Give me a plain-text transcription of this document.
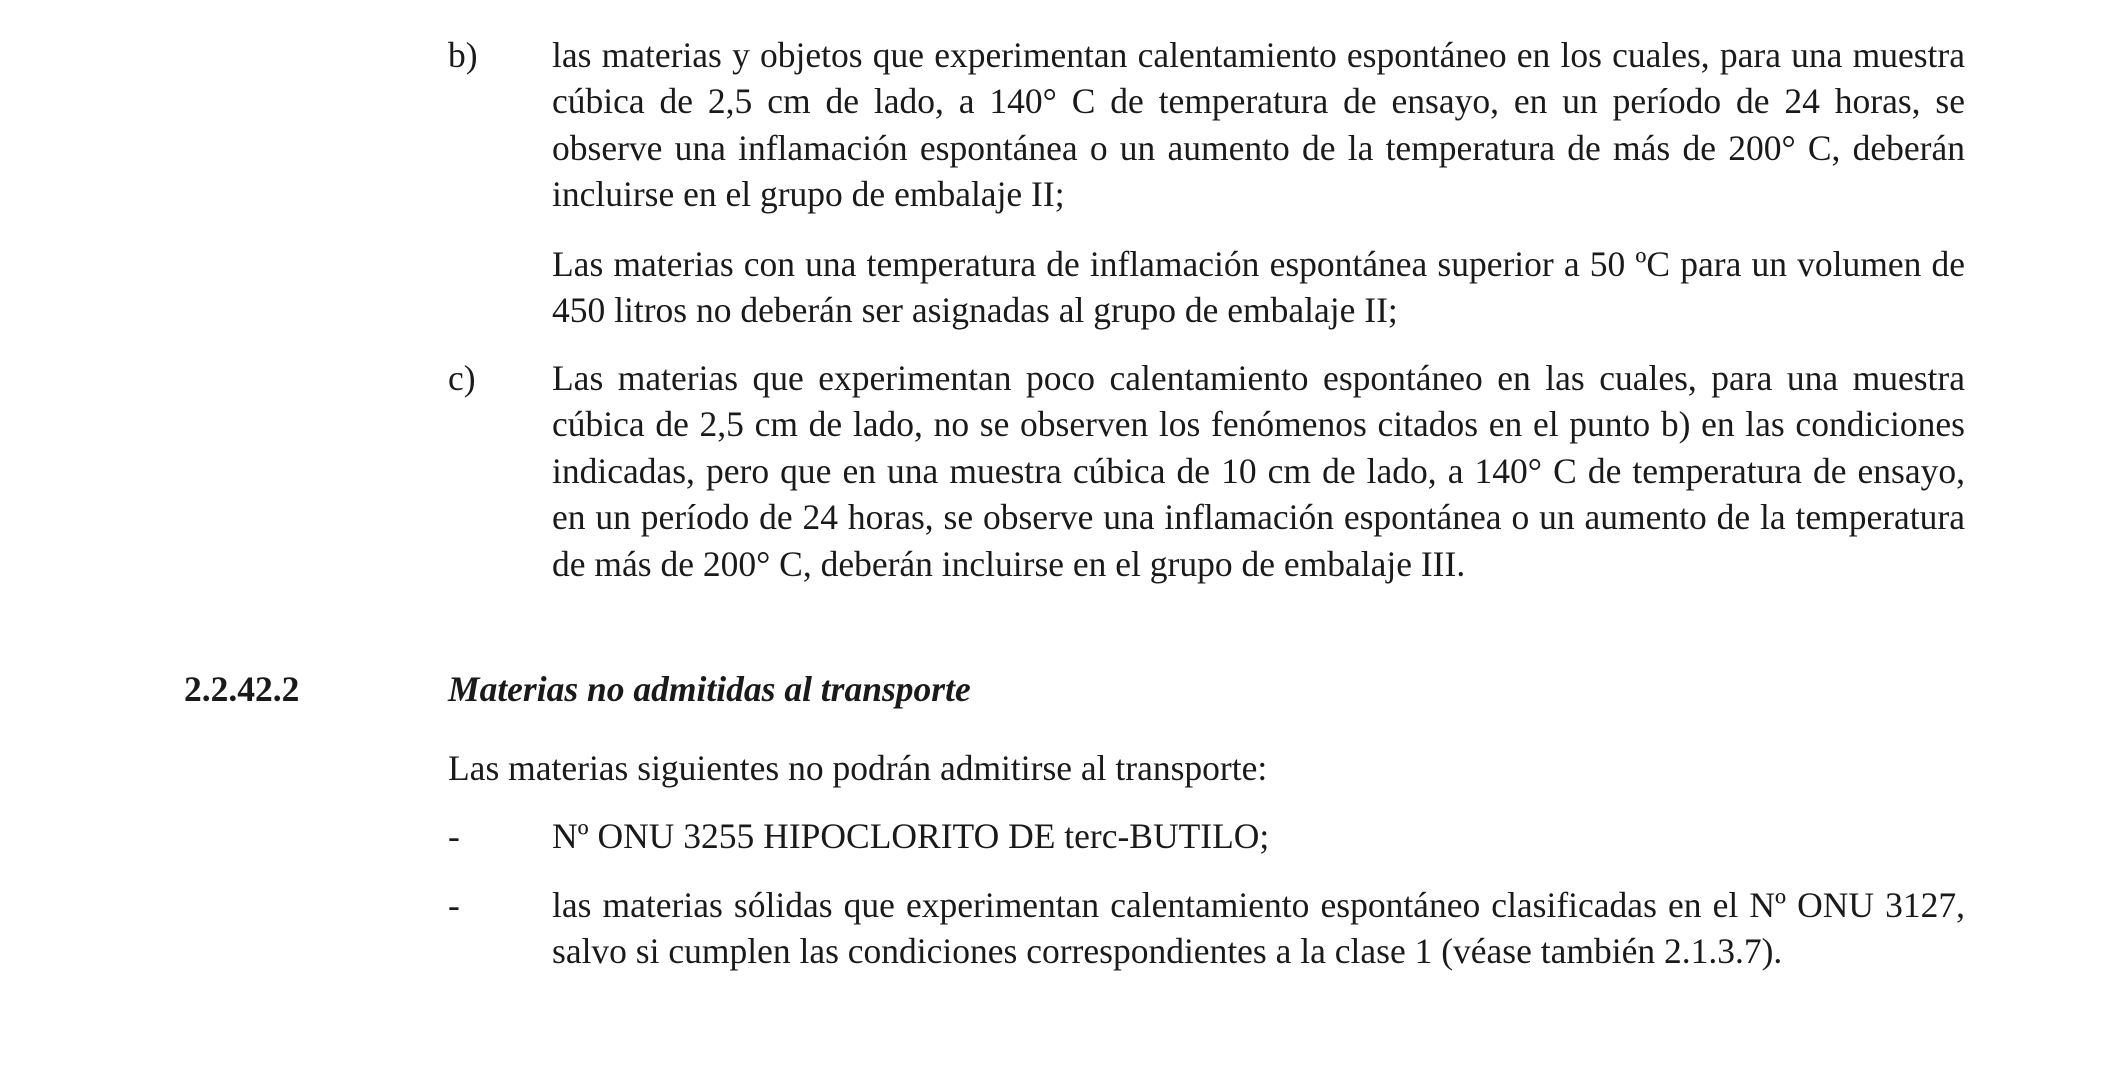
b)	las materias y objetos que experimentan calentamiento espontáneo en los cuales, para una muestra cúbica de 2,5 cm de lado, a 140° C de temperatura de ensayo, en un período de 24 horas, se observe una inflamación espontánea o un aumento de la temperatura de más de 200° C, deberán incluirse en el grupo de embalaje II;

Las materias con una temperatura de inflamación espontánea superior a 50 ºC para un volumen de 450 litros no deberán ser asignadas al grupo de embalaje II;

c)	Las materias que experimentan poco calentamiento espontáneo en las cuales, para una muestra cúbica de 2,5 cm de lado, no se observen los fenómenos citados en el punto b) en las condiciones indicadas, pero que en una muestra cúbica de 10 cm de lado, a 140° C de temperatura de ensayo, en un período de 24 horas, se observe una inflamación espontánea o un aumento de la temperatura de más de 200° C, deberán incluirse en el grupo de embalaje III.

2.2.42.2	Materias no admitidas al transporte

Las materias siguientes no podrán admitirse al transporte:

-	Nº ONU 3255 HIPOCLORITO DE terc-BUTILO;

-	las materias sólidas que experimentan calentamiento espontáneo clasificadas en el Nº ONU 3127, salvo si cumplen las condiciones correspondientes a la clase 1 (véase también 2.1.3.7).
